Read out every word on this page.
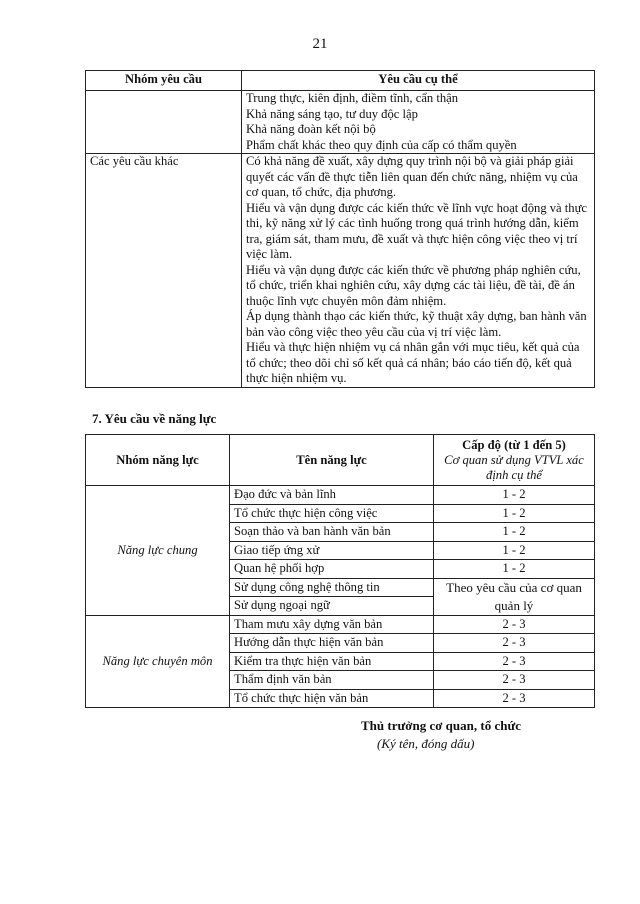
21
Nhóm yêu cầu	Yêu cầu cụ thể

	Trung thực, kiên định, điềm tĩnh, cẩn thận
Khả năng sáng tạo, tư duy độc lập
Khả năng đoàn kết nội bộ
Phẩm chất khác theo quy định của cấp có thẩm quyền

Các yêu cầu khác	Có khả năng đề xuất, xây dựng quy trình nội bộ và giải pháp giải quyết các vấn đề thực tiễn liên quan đến chức năng, nhiệm vụ của cơ quan, tổ chức, địa phương.
Hiểu và vận dụng được các kiến thức về lĩnh vực hoạt động và thực thi, kỹ năng xử lý các tình huống trong quá trình hướng dẫn, kiểm tra, giám sát, tham mưu, đề xuất và thực hiện công việc theo vị trí việc làm.
Hiểu và vận dụng được các kiến thức về phương pháp nghiên cứu, tổ chức, triển khai nghiên cứu, xây dựng các tài liệu, đề tài, đề án thuộc lĩnh vực chuyên môn đảm nhiệm.
Áp dụng thành thạo các kiến thức, kỹ thuật xây dựng, ban hành văn bản vào công việc theo yêu cầu của vị trí việc làm.
Hiểu và thực hiện nhiệm vụ cá nhân gắn với mục tiêu, kết quả của tổ chức; theo dõi chỉ số kết quả cá nhân; báo cáo tiến độ, kết quả thực hiện nhiệm vụ.
7. Yêu cầu về năng lực
Nhóm năng lực	Tên năng lực	Cấp độ (từ 1 đến 5)
Cơ quan sử dụng VTVL xác định cụ thể

Năng lực chung	Đạo đức và bản lĩnh	1 - 2
	Tổ chức thực hiện công việc	1 - 2
	Soạn thảo và ban hành văn bản	1 - 2
	Giao tiếp ứng xử	1 - 2
	Quan hệ phối hợp	1 - 2
	Sử dụng công nghệ thông tin	Theo yêu cầu của cơ quan quản lý
	Sử dụng ngoại ngữ	
Năng lực chuyên môn	Tham mưu xây dựng văn bản	2 - 3
	Hướng dẫn thực hiện văn bản	2 - 3
	Kiểm tra thực hiện văn bản	2 - 3
	Thẩm định văn bản	2 - 3
	Tổ chức thực hiện văn bản	2 - 3
Thủ trưởng cơ quan, tổ chức
(Ký tên, đóng dấu)
